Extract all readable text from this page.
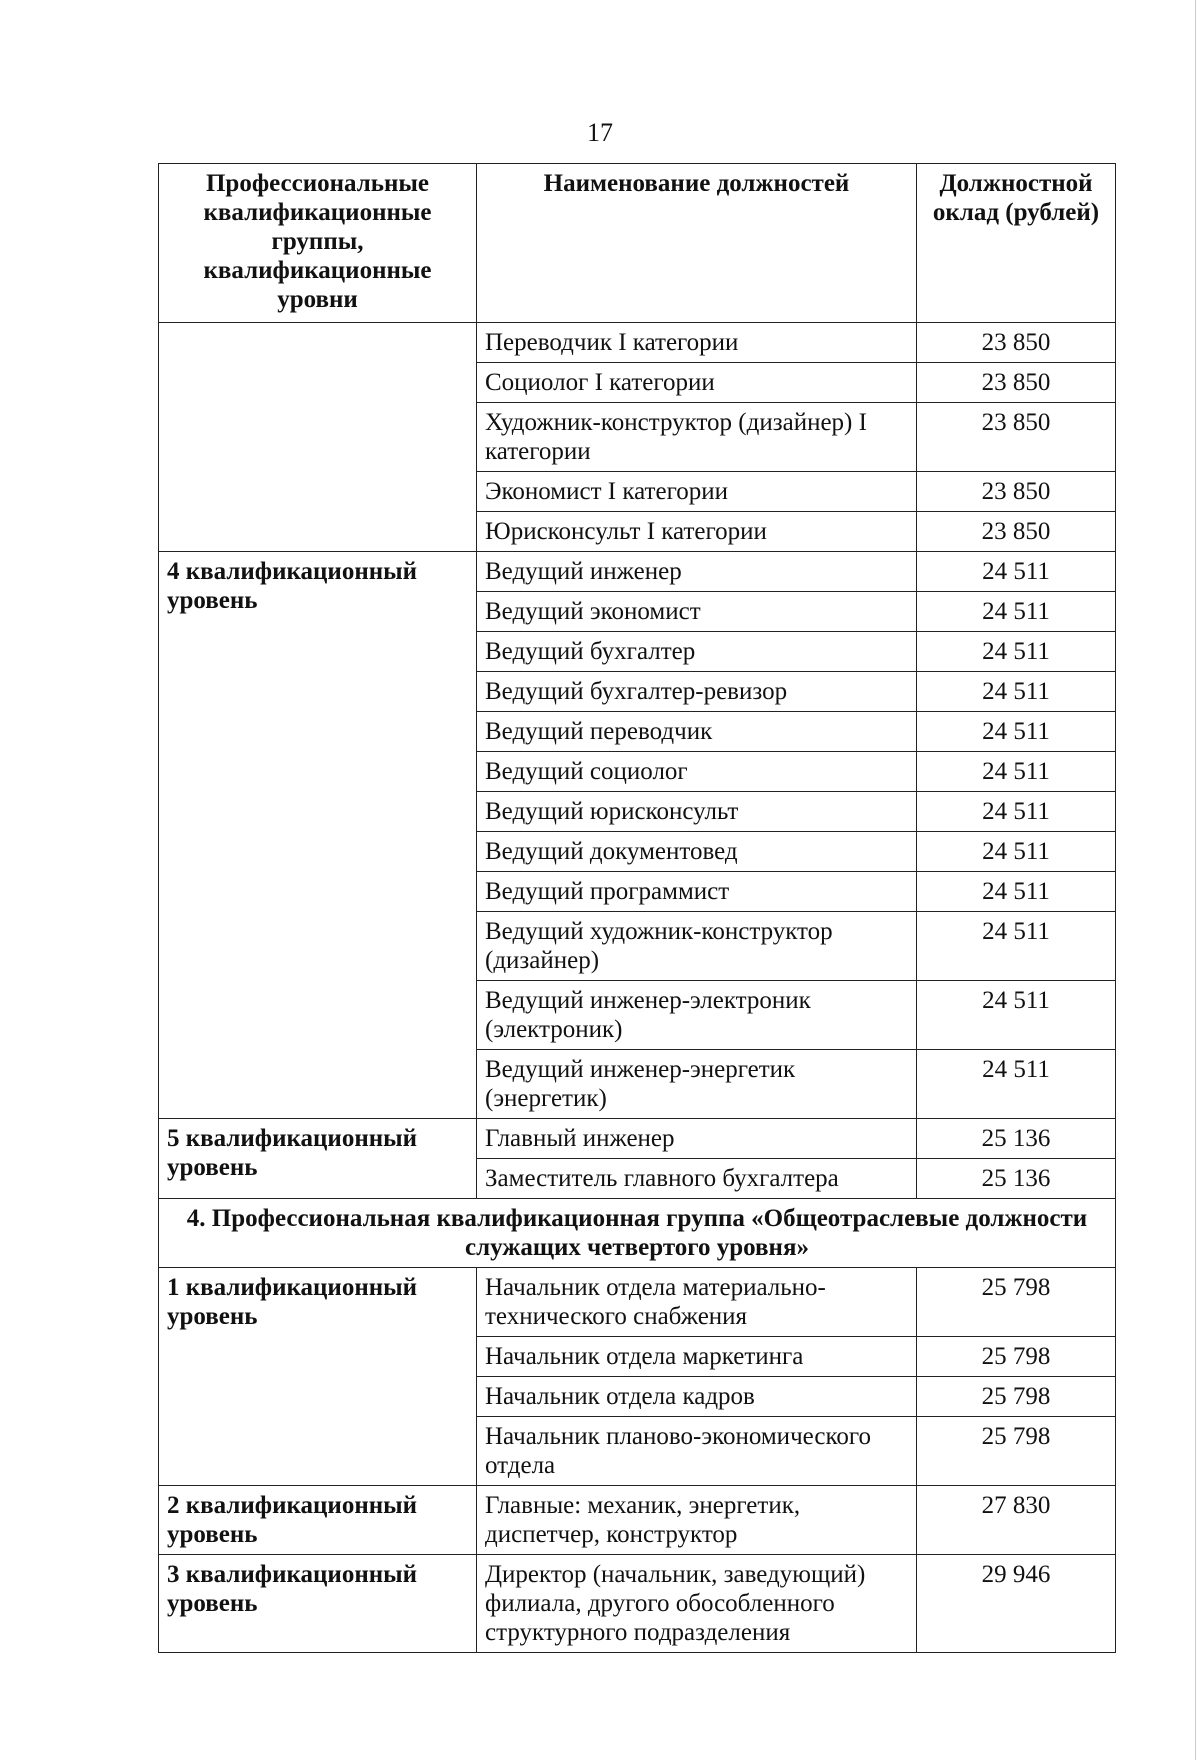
17
Профессиональные квалификационные группы, квалификационные уровни	Наименование должностей	Должностной оклад (рублей)
	Переводчик I категории	23 850
	Социолог I категории	23 850
	Художник-конструктор (дизайнер) I категории	23 850
	Экономист I категории	23 850
	Юрисконсульт I категории	23 850
4 квалификационный уровень	Ведущий инженер	24 511
	Ведущий экономист	24 511
	Ведущий бухгалтер	24 511
	Ведущий бухгалтер-ревизор	24 511
	Ведущий переводчик	24 511
	Ведущий социолог	24 511
	Ведущий юрисконсульт	24 511
	Ведущий документовед	24 511
	Ведущий программист	24 511
	Ведущий художник-конструктор (дизайнер)	24 511
	Ведущий инженер-электроник (электроник)	24 511
	Ведущий инженер-энергетик (энергетик)	24 511
5 квалификационный уровень	Главный инженер	25 136
	Заместитель главного бухгалтера	25 136
4. Профессиональная квалификационная группа «Общеотраслевые должности служащих четвертого уровня»		
1 квалификационный уровень	Начальник отдела материально-технического снабжения	25 798
	Начальник отдела маркетинга	25 798
	Начальник отдела кадров	25 798
	Начальник планово-экономического отдела	25 798
2 квалификационный уровень	Главные: механик, энергетик, диспетчер, конструктор	27 830
3 квалификационный уровень	Директор (начальник, заведующий) филиала, другого обособленного структурного подразделения	29 946
